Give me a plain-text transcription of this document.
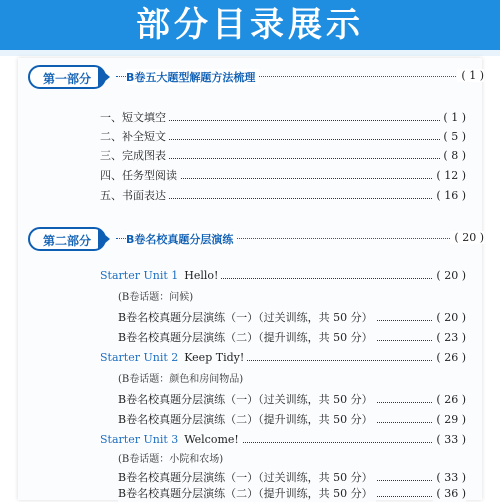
部分目录展示
第一部分	B卷五大题型解题方法梳理	( 1 )
一、短文填空	( 1 )
二、补全短文	( 5 )
三、完成图表	( 8 )
四、任务型阅读	( 12 )
五、书面表达	( 16 )
第二部分	B卷名校真题分层演练	( 20 )
Starter Unit 1 Hello!	( 20 )
(B卷话题：问候)
B卷名校真题分层演练（一）（过关训练，共 50 分）	( 20 )
B卷名校真题分层演练（二）（提升训练，共 50 分）	( 23 )
Starter Unit 2 Keep Tidy!	( 26 )
(B卷话题：颜色和房间物品)
B卷名校真题分层演练（一）（过关训练，共 50 分）	( 26 )
B卷名校真题分层演练（二）（提升训练，共 50 分）	( 29 )
Starter Unit 3 Welcome!	( 33 )
(B卷话题：小院和农场)
B卷名校真题分层演练（一）（过关训练，共 50 分）	( 33 )
B卷名校真题分层演练（二）（提升训练，共 50 分）	( 36 )
